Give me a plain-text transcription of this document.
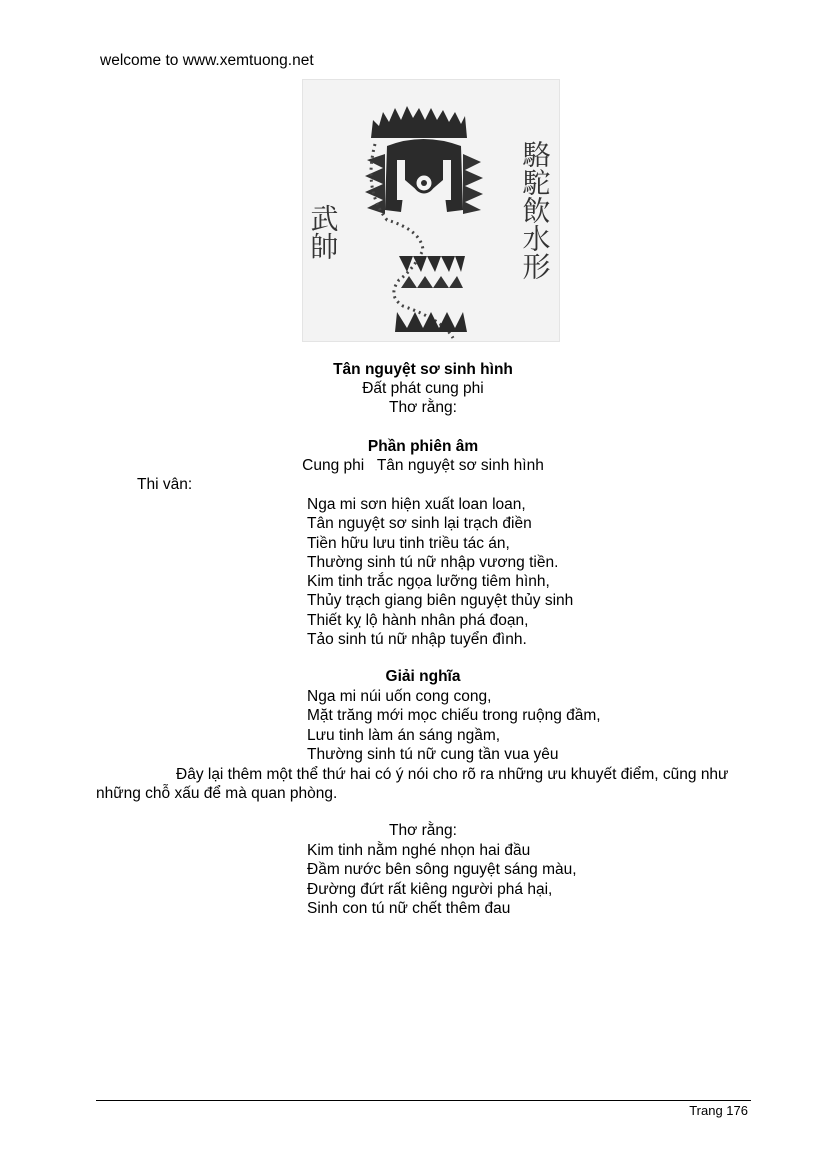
welcome to www.xemtuong.net
武帥	駱駝飲水形
Tân nguyệt sơ sinh hình
Đất phát cung phi
Thơ rằng:
Phần phiên âm
Cung phi   Tân nguyệt sơ sinh hình
Thi vân:
Nga mi sơn hiện xuất loan loan,
Tân nguyệt sơ sinh lại trạch điền
Tiền hữu lưu tinh triều tác án,
Thường sinh tú nữ nhập vương tiền.
Kim tinh trắc ngọa lưỡng tiêm hình,
Thủy trạch giang biên nguyệt thủy sinh
Thiết kỵ lộ hành nhân phá đoạn,
Tảo sinh tú nữ nhập tuyển đình.
Giải nghĩa
Nga mi núi uốn cong cong,
Mặt trăng mới mọc chiếu trong ruộng đầm,
Lưu tinh làm án sáng ngầm,
Thường sinh tú nữ cung tần vua yêu
Đây lại thêm một thể thứ hai có ý nói cho rõ ra những ưu khuyết điểm, cũng như những chỗ xấu để mà quan phòng.
Thơ rằng:
Kim tinh nằm nghé nhọn hai đầu
Đầm nước bên sông nguyệt sáng màu,
Đường đứt rất kiêng người phá hại,
Sinh con tú nữ chết thêm đau
Trang 176
